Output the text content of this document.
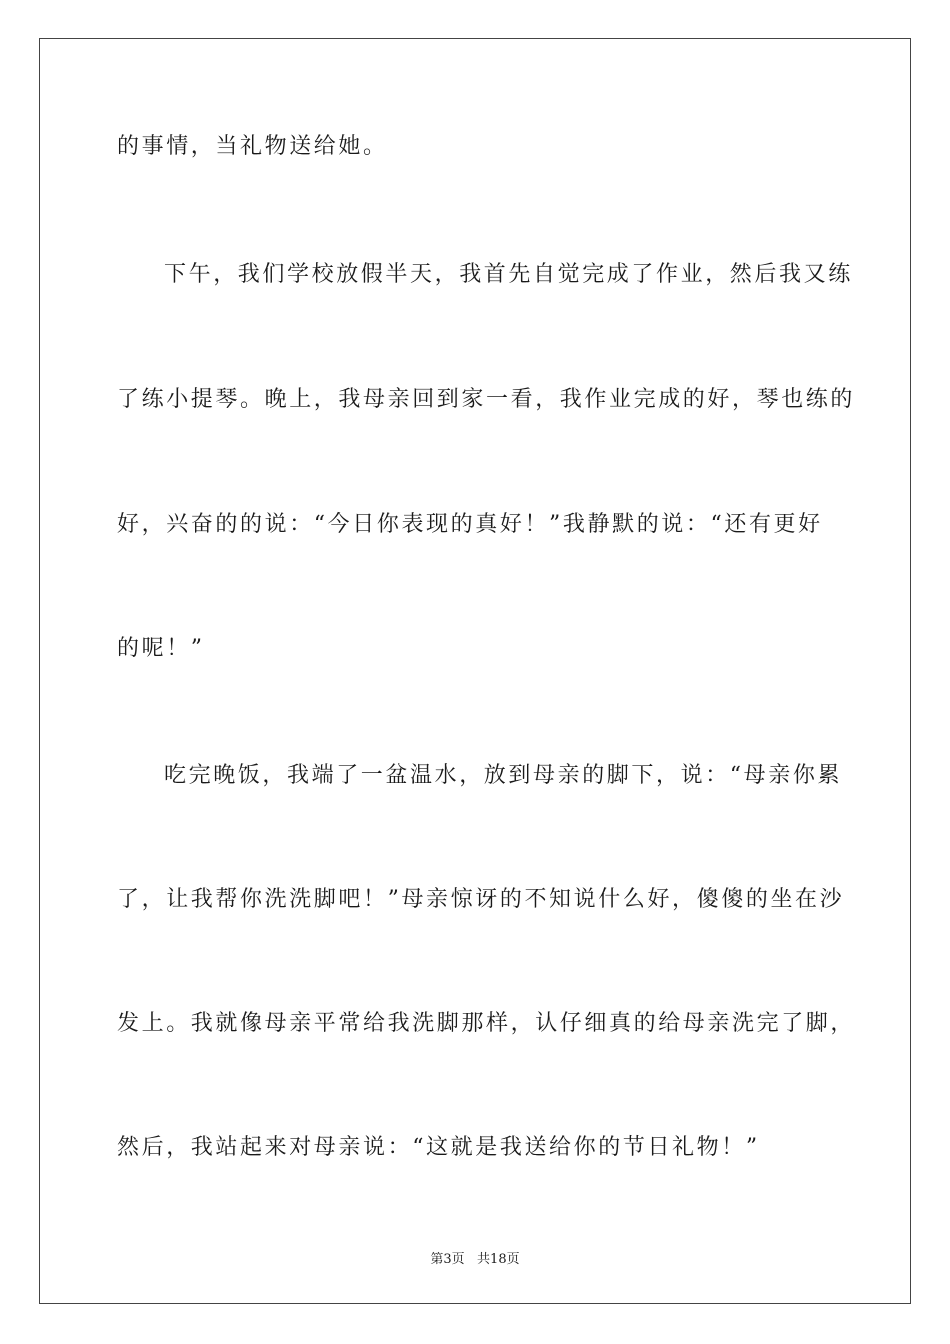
的事情，当礼物送给她。
下午，我们学校放假半天，我首先自觉完成了作业，然后我又练
了练小提琴。晚上，我母亲回到家一看，我作业完成的好，琴也练的
好，兴奋的的说：“今日你表现的真好！”我静默的说：“还有更好
的呢！”
吃完晚饭，我端了一盆温水，放到母亲的脚下，说：“母亲你累
了，让我帮你洗洗脚吧！”母亲惊讶的不知说什么好，傻傻的坐在沙
发上。我就像母亲平常给我洗脚那样，认仔细真的给母亲洗完了脚，
然后，我站起来对母亲说：“这就是我送给你的节日礼物！”
第3页   共18页
